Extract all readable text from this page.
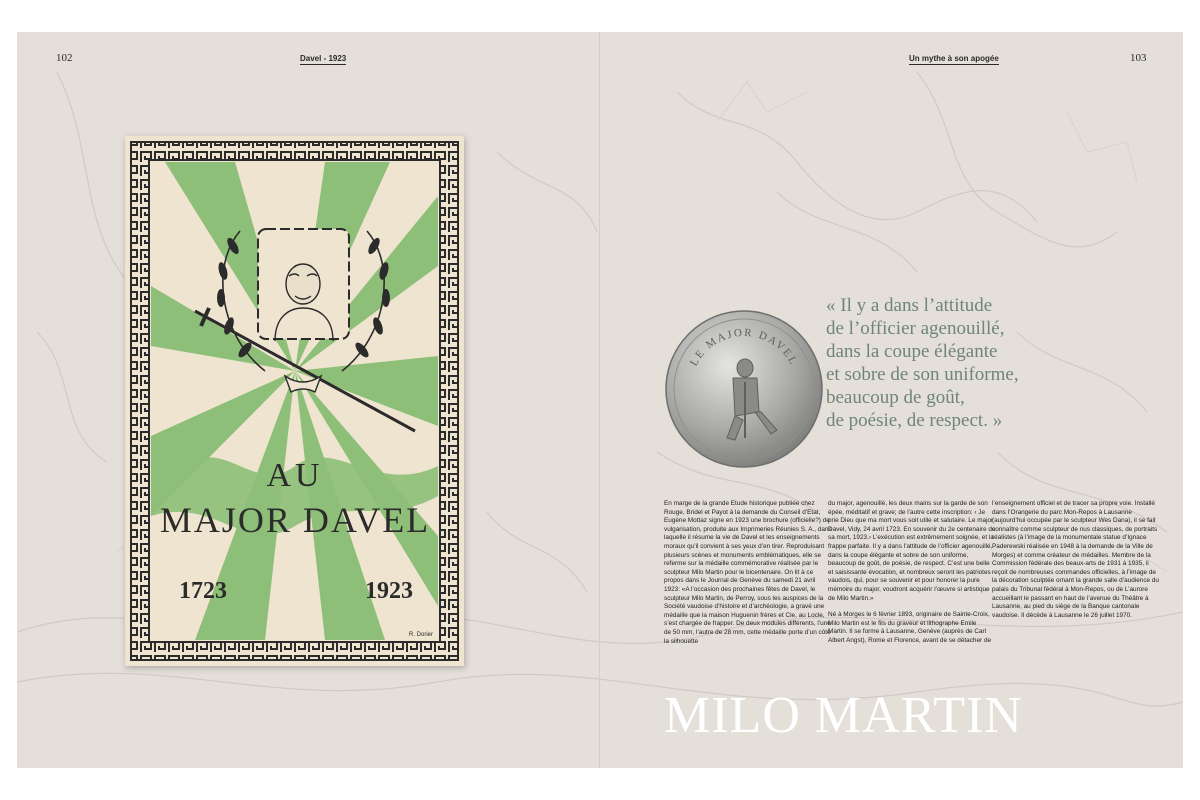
102	Davel - 1923	Un mythe à son apogée	103
AU
MAJOR DAVEL
1723	1923
R. Dorier
LE MAJOR DAVEL
« Il y a dans l’attitude
de l’officier agenouillé,
dans la coupe élégante
et sobre de son uniforme,
beaucoup de goût,
de poésie, de respect. »

En marge de la grande Etude historique publiée chez Rouge, Bridel et Payot à la demande du Conseil d’Etat, Eugène Mottaz signe en 1923 une brochure (officielle?) de vulgarisation, produite aux Imprimeries Réunies S. A., dans laquelle il résume la vie de Davel et les enseignements moraux qu’il convient à ses yeux d’en tirer. Reproduisant plusieurs scènes et monuments emblématiques, elle se referme sur la médaille commémorative réalisée par le sculpteur Milo Martin pour le bicentenaire. On lit à ce propos dans le Journal de Genève du samedi 21 avril 1923: «A l’occasion des prochaines fêtes de Davel, le sculpteur Milo Martin, de Perroy, sous les auspices de la Société vaudoise d’histoire et d’archéologie, a gravé une médaille que la maison Huguenin frères et Cie, au Locle, s’est chargée de frapper. De deux modules différents, l’une de 50 mm, l’autre de 28 mm, cette médaille porte d’un côté la silhouette

du major, agenouillé, les deux mains sur la garde de son épée, méditatif et grave; de l’autre cette inscription: ‹ Je prie Dieu que ma mort vous soit utile et salutaire. Le major Davel, Vidy, 24 avril 1723. En souvenir du 2e centenaire de sa mort, 1923.› L’exécution est extrêmement soignée, et la frappe parfaite. Il y a dans l’attitude de l’officier agenouillé, dans la coupe élégante et sobre de son uniforme, beaucoup de goût, de poésie, de respect. C’est une belle et saisissante évocation, et nombreux seront les patriotes vaudois, qui, pour se souvenir et pour honorer la pure mémoire du major, voudront acquérir l’œuvre si artistique de Milo Martin.»

Né à Morges le 6 février 1893, originaire de Sainte-Croix, Milo Martin est le fils du graveur et lithographe Emile Martin. Il se forme à Lausanne, Genève (auprès de Carl Albert Angst), Rome et Florence, avant de se détacher de

l’enseignement officiel et de tracer sa propre voie. Installé dans l’Orangerie du parc Mon-Repos à Lausanne (aujourd’hui occupée par le sculpteur Wes Dana), il se fait connaître comme sculpteur de nus classiques, de portraits réalistes (à l’image de la monumentale statue d’Ignace Paderewski réalisée en 1948 à la demande de la Ville de Morges) et comme créateur de médailles. Membre de la Commission fédérale des beaux-arts de 1931 à 1935, il reçoit de nombreuses commandes officielles, à l’image de la décoration sculptée ornant la grande salle d’audience du palais du Tribunal fédéral à Mon-Repos, ou de L’aurore accueillant le passant en haut de l’avenue du Théâtre à Lausanne, au pied du siège de la Banque cantonale vaudoise. Il décède à Lausanne le 26 juillet 1970.

MILO MARTIN
